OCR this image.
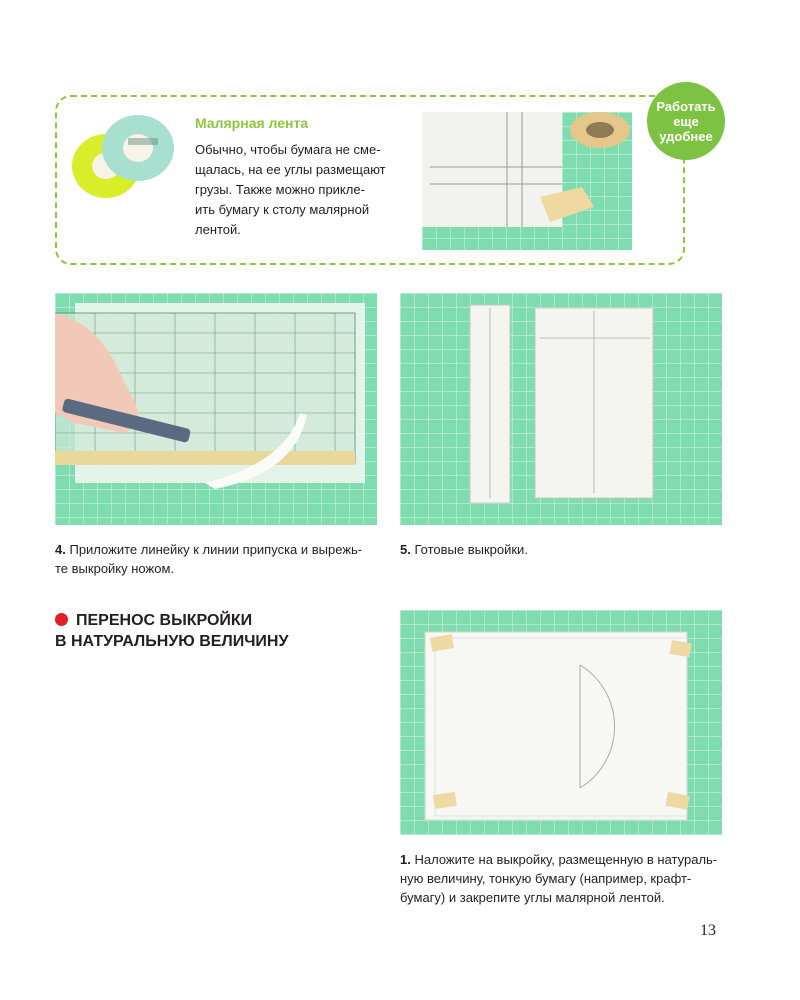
Малярная лента
Обычно, чтобы бумага не сме-
щалась, на ее углы размещают
грузы. Также можно прикле-
ить бумагу к столу малярной
лентой.
Работать
еще
удобнее
4. Приложите линейку к линии припуска и вырежь-
те выкройку ножом.
5. Готовые выкройки.
ПЕРЕНОС ВЫКРОЙКИ
В НАТУРАЛЬНУЮ ВЕЛИЧИНУ
1. Наложите на выкройку, размещенную в натураль-
ную величину, тонкую бумагу (например, крафт-
бумагу) и закрепите углы малярной лентой.
13
